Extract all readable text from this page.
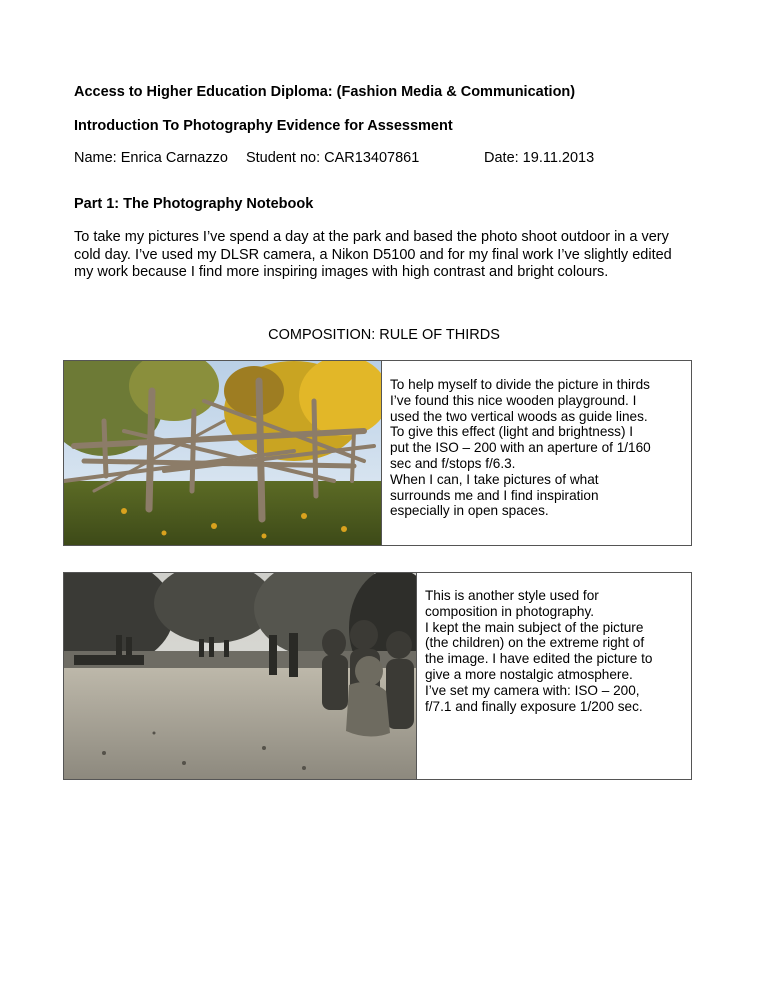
Access to Higher Education Diploma: (Fashion Media & Communication)
Introduction To Photography Evidence for Assessment
Name: Enrica Carnazzo Student no: CAR13407861	Date: 19.11.2013
Part 1: The Photography Notebook
To take my pictures I’ve spend a day at the park and based the photo shoot outdoor in a very cold day. I’ve used my DLSR camera, a Nikon D5100 and for my final work I’ve slightly edited my work because I find more inspiring images with high contrast and bright colours.
COMPOSITION: RULE OF THIRDS
To help myself to divide the picture in thirds
I’ve found this nice wooden playground. I
used the two vertical woods as guide lines.
To give this effect (light and brightness) I
put the ISO – 200 with an aperture of 1/160
sec and f/stops f/6.3.
When I can, I take pictures of what
surrounds me and I find inspiration
especially in open spaces.
This is another style used for
composition in photography.
I kept the main subject of the picture
(the children) on the extreme right of
the image. I have edited the picture to
give a more nostalgic atmosphere.
I’ve set my camera with: ISO – 200,
f/7.1 and finally exposure 1/200 sec.
